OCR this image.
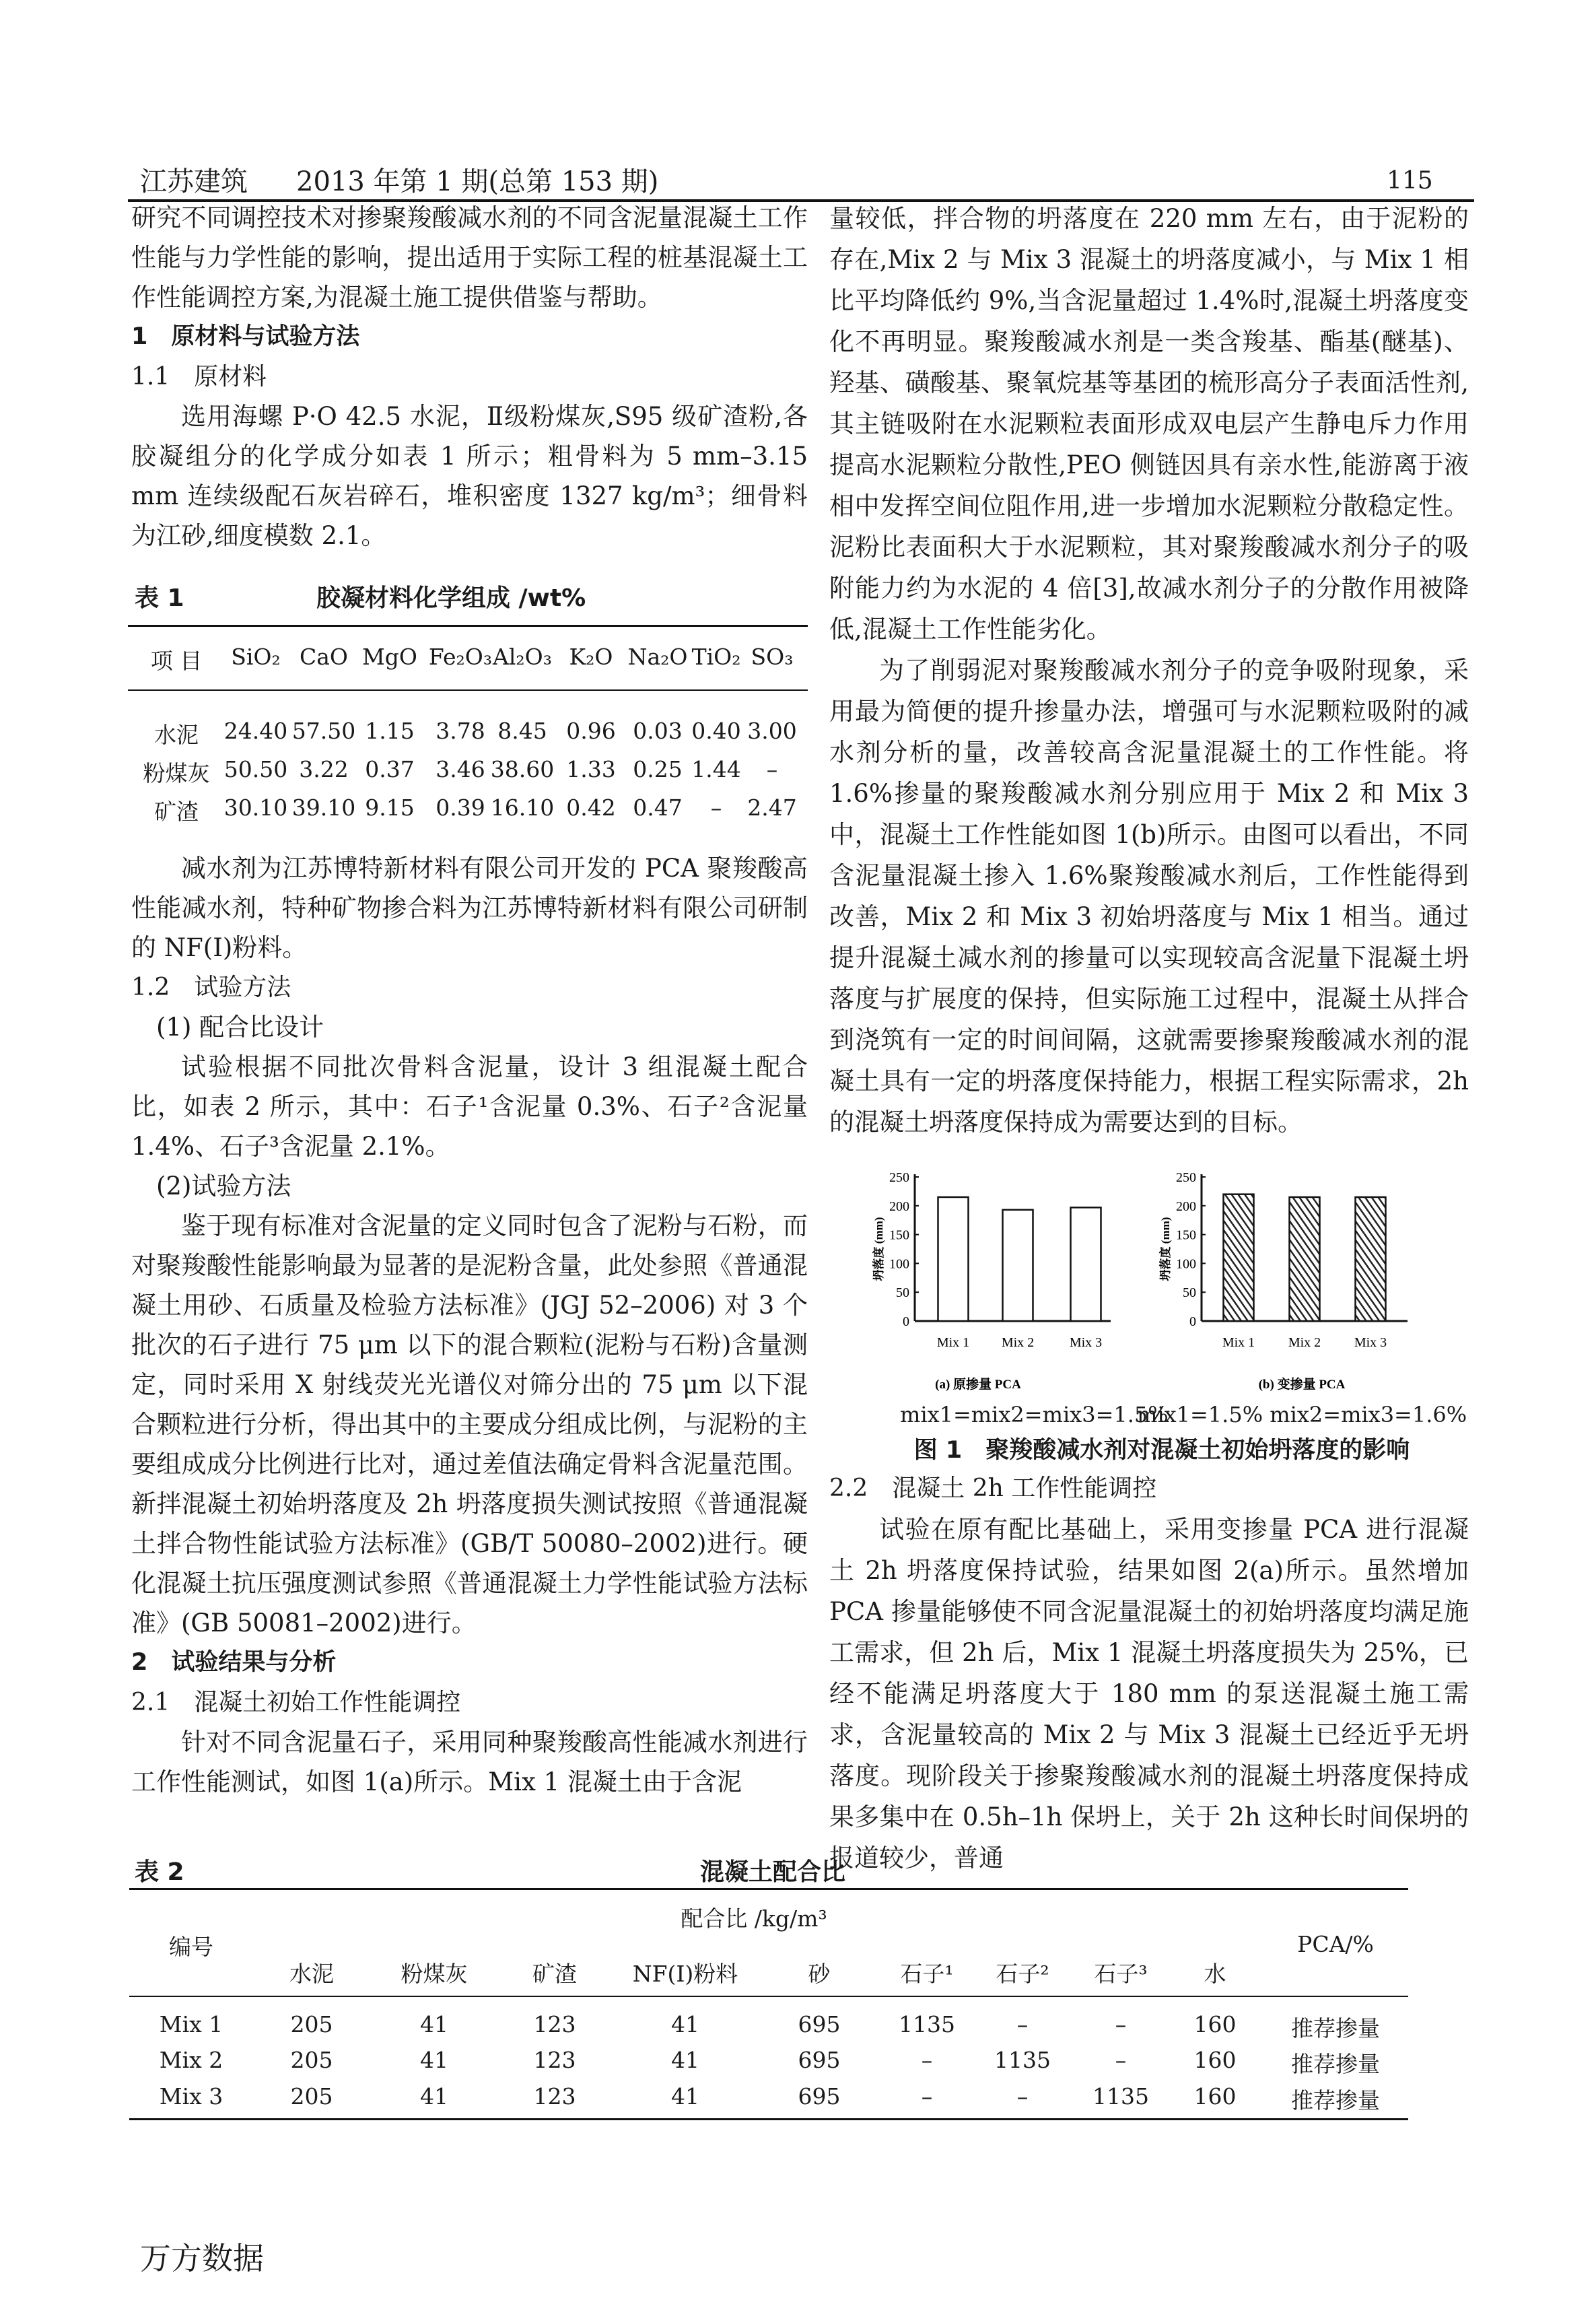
江苏建筑 2013 年第 1 期(总第 153 期)	115

研究不同调控技术对掺聚羧酸减水剂的不同含泥量混凝土工作性能与力学性能的影响，提出适用于实际工程的桩基混凝土工作性能调控方案,为混凝土施工提供借鉴与帮助。

1　原材料与试验方法

1.1　原材料

选用海螺 P·O 42.5 水泥，Ⅱ级粉煤灰,S95 级矿渣粉,各胶凝组分的化学成分如表 1 所示；粗骨料为 5 mm–3.15 mm 连续级配石灰岩碎石，堆积密度 1327 kg/m³；细骨料为江砂,细度模数 2.1。

表 1	胶凝材料化学组成 /wt%
项 目 SiO₂ CaO MgO Fe₂O₃ Al₂O₃ K₂O Na₂O TiO₂ SO₃
水泥 24.40 57.50 1.15 3.78 8.45 0.96 0.03 0.40 3.00
粉煤灰 50.50 3.22 0.37 3.46 38.60 1.33 0.25 1.44 –
矿渣 30.10 39.10 9.15 0.39 16.10 0.42 0.47 – 2.47

减水剂为江苏博特新材料有限公司开发的 PCA 聚羧酸高性能减水剂，特种矿物掺合料为江苏博特新材料有限公司研制的 NF(Ⅰ)粉料。

1.2　试验方法

(1) 配合比设计

试验根据不同批次骨料含泥量，设计 3 组混凝土配合比，如表 2 所示，其中：石子¹含泥量 0.3%、石子²含泥量 1.4%、石子³含泥量 2.1%。

(2)试验方法

鉴于现有标准对含泥量的定义同时包含了泥粉与石粉，而对聚羧酸性能影响最为显著的是泥粉含量，此处参照《普通混凝土用砂、石质量及检验方法标准》(JGJ 52–2006) 对 3 个批次的石子进行 75 μm 以下的混合颗粒(泥粉与石粉)含量测定，同时采用 X 射线荧光光谱仪对筛分出的 75 μm 以下混合颗粒进行分析，得出其中的主要成分组成比例，与泥粉的主要组成成分比例进行比对，通过差值法确定骨料含泥量范围。新拌混凝土初始坍落度及 2h 坍落度损失测试按照《普通混凝土拌合物性能试验方法标准》(GB/T 50080–2002)进行。硬化混凝土抗压强度测试参照《普通混凝土力学性能试验方法标准》(GB 50081–2002)进行。

2　试验结果与分析

2.1　混凝土初始工作性能调控

针对不同含泥量石子，采用同种聚羧酸高性能减水剂进行工作性能测试，如图 1(a)所示。Mix 1 混凝土由于含泥

量较低，拌合物的坍落度在 220 mm 左右，由于泥粉的存在,Mix 2 与 Mix 3 混凝土的坍落度减小，与 Mix 1 相比平均降低约 9%,当含泥量超过 1.4%时,混凝土坍落度变化不再明显。聚羧酸减水剂是一类含羧基、酯基(醚基)、羟基、磺酸基、聚氧烷基等基团的梳形高分子表面活性剂,其主链吸附在水泥颗粒表面形成双电层产生静电斥力作用提高水泥颗粒分散性,PEO 侧链因具有亲水性,能游离于液相中发挥空间位阻作用,进一步增加水泥颗粒分散稳定性。泥粉比表面积大于水泥颗粒，其对聚羧酸减水剂分子的吸附能力约为水泥的 4 倍[3],故减水剂分子的分散作用被降低,混凝土工作性能劣化。

为了削弱泥对聚羧酸减水剂分子的竞争吸附现象，采用最为简便的提升掺量办法，增强可与水泥颗粒吸附的减水剂分析的量，改善较高含泥量混凝土的工作性能。将 1.6%掺量的聚羧酸减水剂分别应用于 Mix 2 和 Mix 3 中，混凝土工作性能如图 1(b)所示。由图可以看出，不同含泥量混凝土掺入 1.6%聚羧酸减水剂后，工作性能得到改善，Mix 2 和 Mix 3 初始坍落度与 Mix 1 相当。通过提升混凝土减水剂的掺量可以实现较高含泥量下混凝土坍落度与扩展度的保持，但实际施工过程中，混凝土从拌合到浇筑有一定的时间间隔，这就需要掺聚羧酸减水剂的混凝土具有一定的坍落度保持能力，根据工程实际需求，2h 的混凝土坍落度保持成为需要达到的目标。

0
50
100
150
200
250
坍落度 (mm)
Mix 1 Mix 2	Mix 3
(a) 原掺量 PCA
0
50
100
150
200
250
坍落度 (mm)
Mix 1 Mix 2 Mix 3
(b) 变掺量 PCA
mix1=mix2=mix3=1.5%
mix1=1.5% mix2=mix3=1.6%
图 1　聚羧酸减水剂对混凝土初始坍落度的影响

2.2　混凝土 2h 工作性能调控

试验在原有配比基础上，采用变掺量 PCA 进行混凝土 2h 坍落度保持试验，结果如图 2(a)所示。虽然增加 PCA 掺量能够使不同含泥量混凝土的初始坍落度均满足施工需求，但 2h 后，Mix 1 混凝土坍落度损失为 25%，已经不能满足坍落度大于 180 mm 的泵送混凝土施工需求，含泥量较高的 Mix 2 与 Mix 3 混凝土已经近乎无坍落度。现阶段关于掺聚羧酸减水剂的混凝土坍落度保持成果多集中在 0.5h–1h 保坍上，关于 2h 这种长时间保坍的报道较少，普通

表 2	混凝土配合比
配合比 /kg/m³
编号	PCA/%
水泥	粉煤灰	矿渣	NF(Ⅰ)粉料	砂	石子¹ 石子² 石子³	水
Mix 1	205	41	123	41	695	1135	–	–	160 推荐掺量
Mix 2	205	41	123	41	695	–	1135	–	160 推荐掺量
Mix 3	205	41	123	41	695	–	–	1135 160 推荐掺量
万方数据
